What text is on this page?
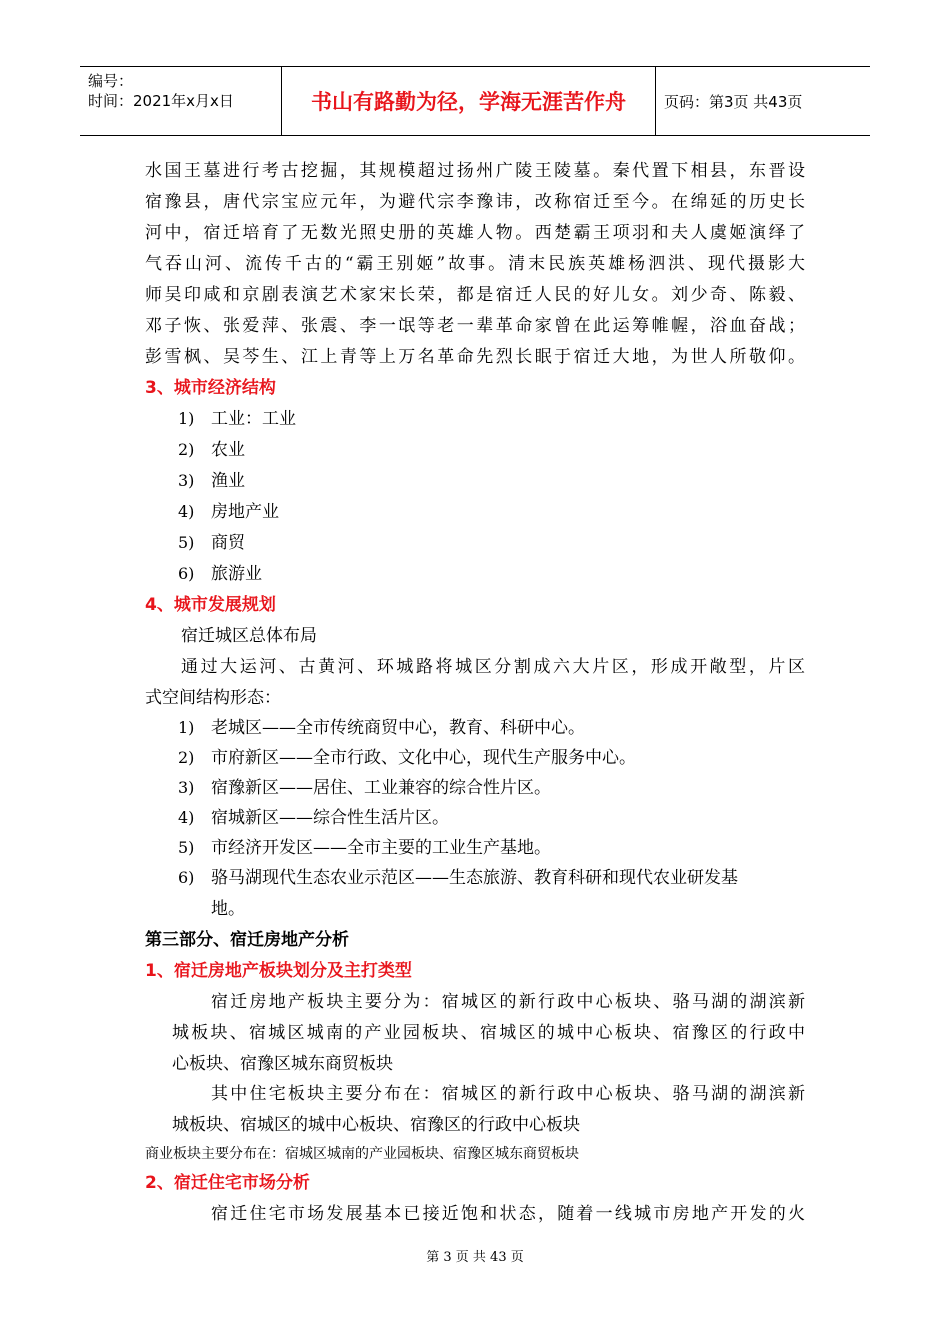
编号：
时间：2021年x月x日	书山有路勤为径，学海无涯苦作舟	页码：第3页 共43页
水国王墓进行考古挖掘，其规模超过扬州广陵王陵墓。秦代置下相县，东晋设
宿豫县，唐代宗宝应元年，为避代宗李豫讳，改称宿迁至今。在绵延的历史长
河中，宿迁培育了无数光照史册的英雄人物。西楚霸王项羽和夫人虞姬演绎了
气吞山河、流传千古的“霸王别姬”故事。清末民族英雄杨泗洪、现代摄影大
师吴印咸和京剧表演艺术家宋长荣，都是宿迁人民的好儿女。刘少奇、陈毅、
邓子恢、张爱萍、张震、李一氓等老一辈革命家曾在此运筹帷幄，浴血奋战；
彭雪枫、吴芩生、江上青等上万名革命先烈长眠于宿迁大地，为世人所敬仰。
3、城市经济结构
1) 工业：工业
2) 农业
3) 渔业
4) 房地产业
5) 商贸
6) 旅游业
4、城市发展规划
宿迁城区总体布局
通过大运河、古黄河、环城路将城区分割成六大片区，形成开敞型，片区
式空间结构形态：
1) 老城区——全市传统商贸中心，教育、科研中心。
2) 市府新区——全市行政、文化中心，现代生产服务中心。
3) 宿豫新区——居住、工业兼容的综合性片区。
4) 宿城新区——综合性生活片区。
5) 市经济开发区——全市主要的工业生产基地。
6) 骆马湖现代生态农业示范区——生态旅游、教育科研和现代农业研发基
地。
第三部分、宿迁房地产分析
1、宿迁房地产板块划分及主打类型
宿迁房地产板块主要分为：宿城区的新行政中心板块、骆马湖的湖滨新
城板块、宿城区城南的产业园板块、宿城区的城中心板块、宿豫区的行政中
心板块、宿豫区城东商贸板块
其中住宅板块主要分布在：宿城区的新行政中心板块、骆马湖的湖滨新
城板块、宿城区的城中心板块、宿豫区的行政中心板块
商业板块主要分布在：宿城区城南的产业园板块、宿豫区城东商贸板块
2、宿迁住宅市场分析
宿迁住宅市场发展基本已接近饱和状态，随着一线城市房地产开发的火
第 3 页 共 43 页
